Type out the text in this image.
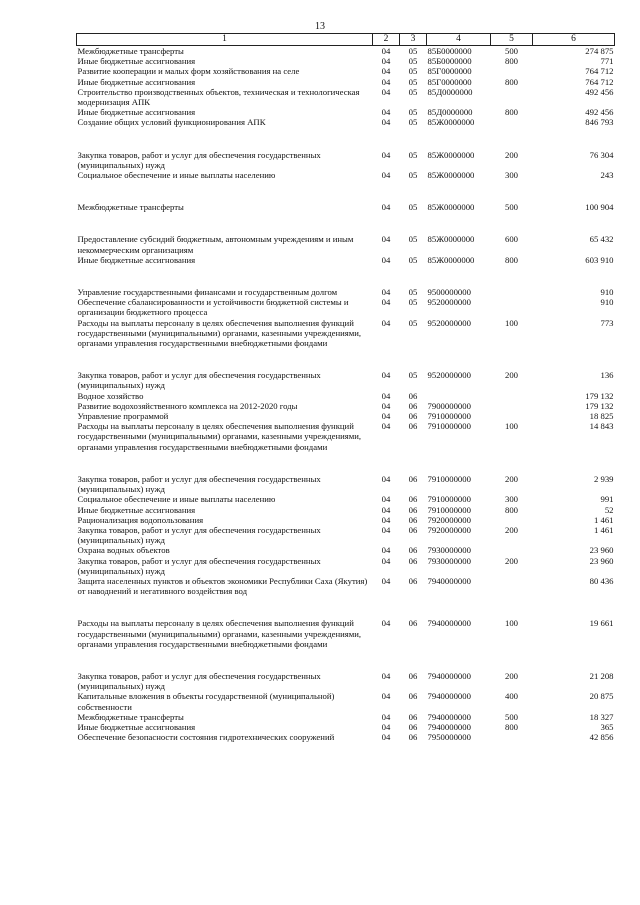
13
1	2	3	4	5	6
Межбюджетные трансферты	04	05	85Б0000000	500	274 875
Иные бюджетные ассигнования	04	05	85Б0000000	800	771
Развитие кооперации и малых форм хозяйствования на селе	04	05	85Г0000000		764 712
Иные бюджетные ассигнования	04	05	85Г0000000	800	764 712
Строительство производственных объектов, техническая и технологическая модернизация АПК	04	05	85Д0000000		492 456
Иные бюджетные ассигнования	04	05	85Д0000000	800	492 456
Создание общих условий функционирования АПК	04	05	85Ж0000000		846 793

Закупка товаров, работ и услуг для обеспечения государственных (муниципальных) нужд	04	05	85Ж0000000	200	76 304
Социальное обеспечение и иные выплаты населению	04	05	85Ж0000000	300	243

Межбюджетные трансферты	04	05	85Ж0000000	500	100 904

Предоставление субсидий бюджетным, автономным учреждениям и иным некоммерческим организациям	04	05	85Ж0000000	600	65 432
Иные бюджетные ассигнования	04	05	85Ж0000000	800	603 910

Управление государственными финансами и государственным долгом	04	05	9500000000		910
Обеспечение сбалансированности и устойчивости бюджетной системы и организации бюджетного процесса	04	05	9520000000		910
Расходы на выплаты персоналу в целях обеспечения выполнения функций государственными (муниципальными) органами, казенными учреждениями, органами управления государственными внебюджетными фондами	04	05	9520000000	100	773

Закупка товаров, работ и услуг для обеспечения государственных (муниципальных) нужд	04	05	9520000000	200	136
Водное хозяйство	04	06			179 132
Развитие водохозяйственного комплекса на 2012-2020 годы	04	06	7900000000		179 132
Управление программой	04	06	7910000000		18 825
Расходы на выплаты персоналу в целях обеспечения выполнения функций государственными (муниципальными) органами, казенными учреждениями, органами управления государственными внебюджетными фондами	04	06	7910000000	100	14 843

Закупка товаров, работ и услуг для обеспечения государственных (муниципальных) нужд	04	06	7910000000	200	2 939
Социальное обеспечение и иные выплаты населению	04	06	7910000000	300	991
Иные бюджетные ассигнования	04	06	7910000000	800	52
Рационализация водопользования	04	06	7920000000		1 461
Закупка товаров, работ и услуг для обеспечения государственных (муниципальных) нужд	04	06	7920000000	200	1 461
Охрана водных объектов	04	06	7930000000		23 960
Закупка товаров, работ и услуг для обеспечения государственных (муниципальных) нужд	04	06	7930000000	200	23 960
Защита населенных пунктов и объектов экономики Республики Саха (Якутия) от наводнений и негативного воздействия вод	04	06	7940000000		80 436

Расходы на выплаты персоналу в целях обеспечения выполнения функций государственными (муниципальными) органами, казенными учреждениями, органами управления государственными внебюджетными фондами	04	06	7940000000	100	19 661

Закупка товаров, работ и услуг для обеспечения государственных (муниципальных) нужд	04	06	7940000000	200	21 208
Капитальные вложения в объекты государственной (муниципальной) собственности	04	06	7940000000	400	20 875
Межбюджетные трансферты	04	06	7940000000	500	18 327
Иные бюджетные ассигнования	04	06	7940000000	800	365
Обеспечение безопасности состояния гидротехнических сооружений	04	06	7950000000		42 856
